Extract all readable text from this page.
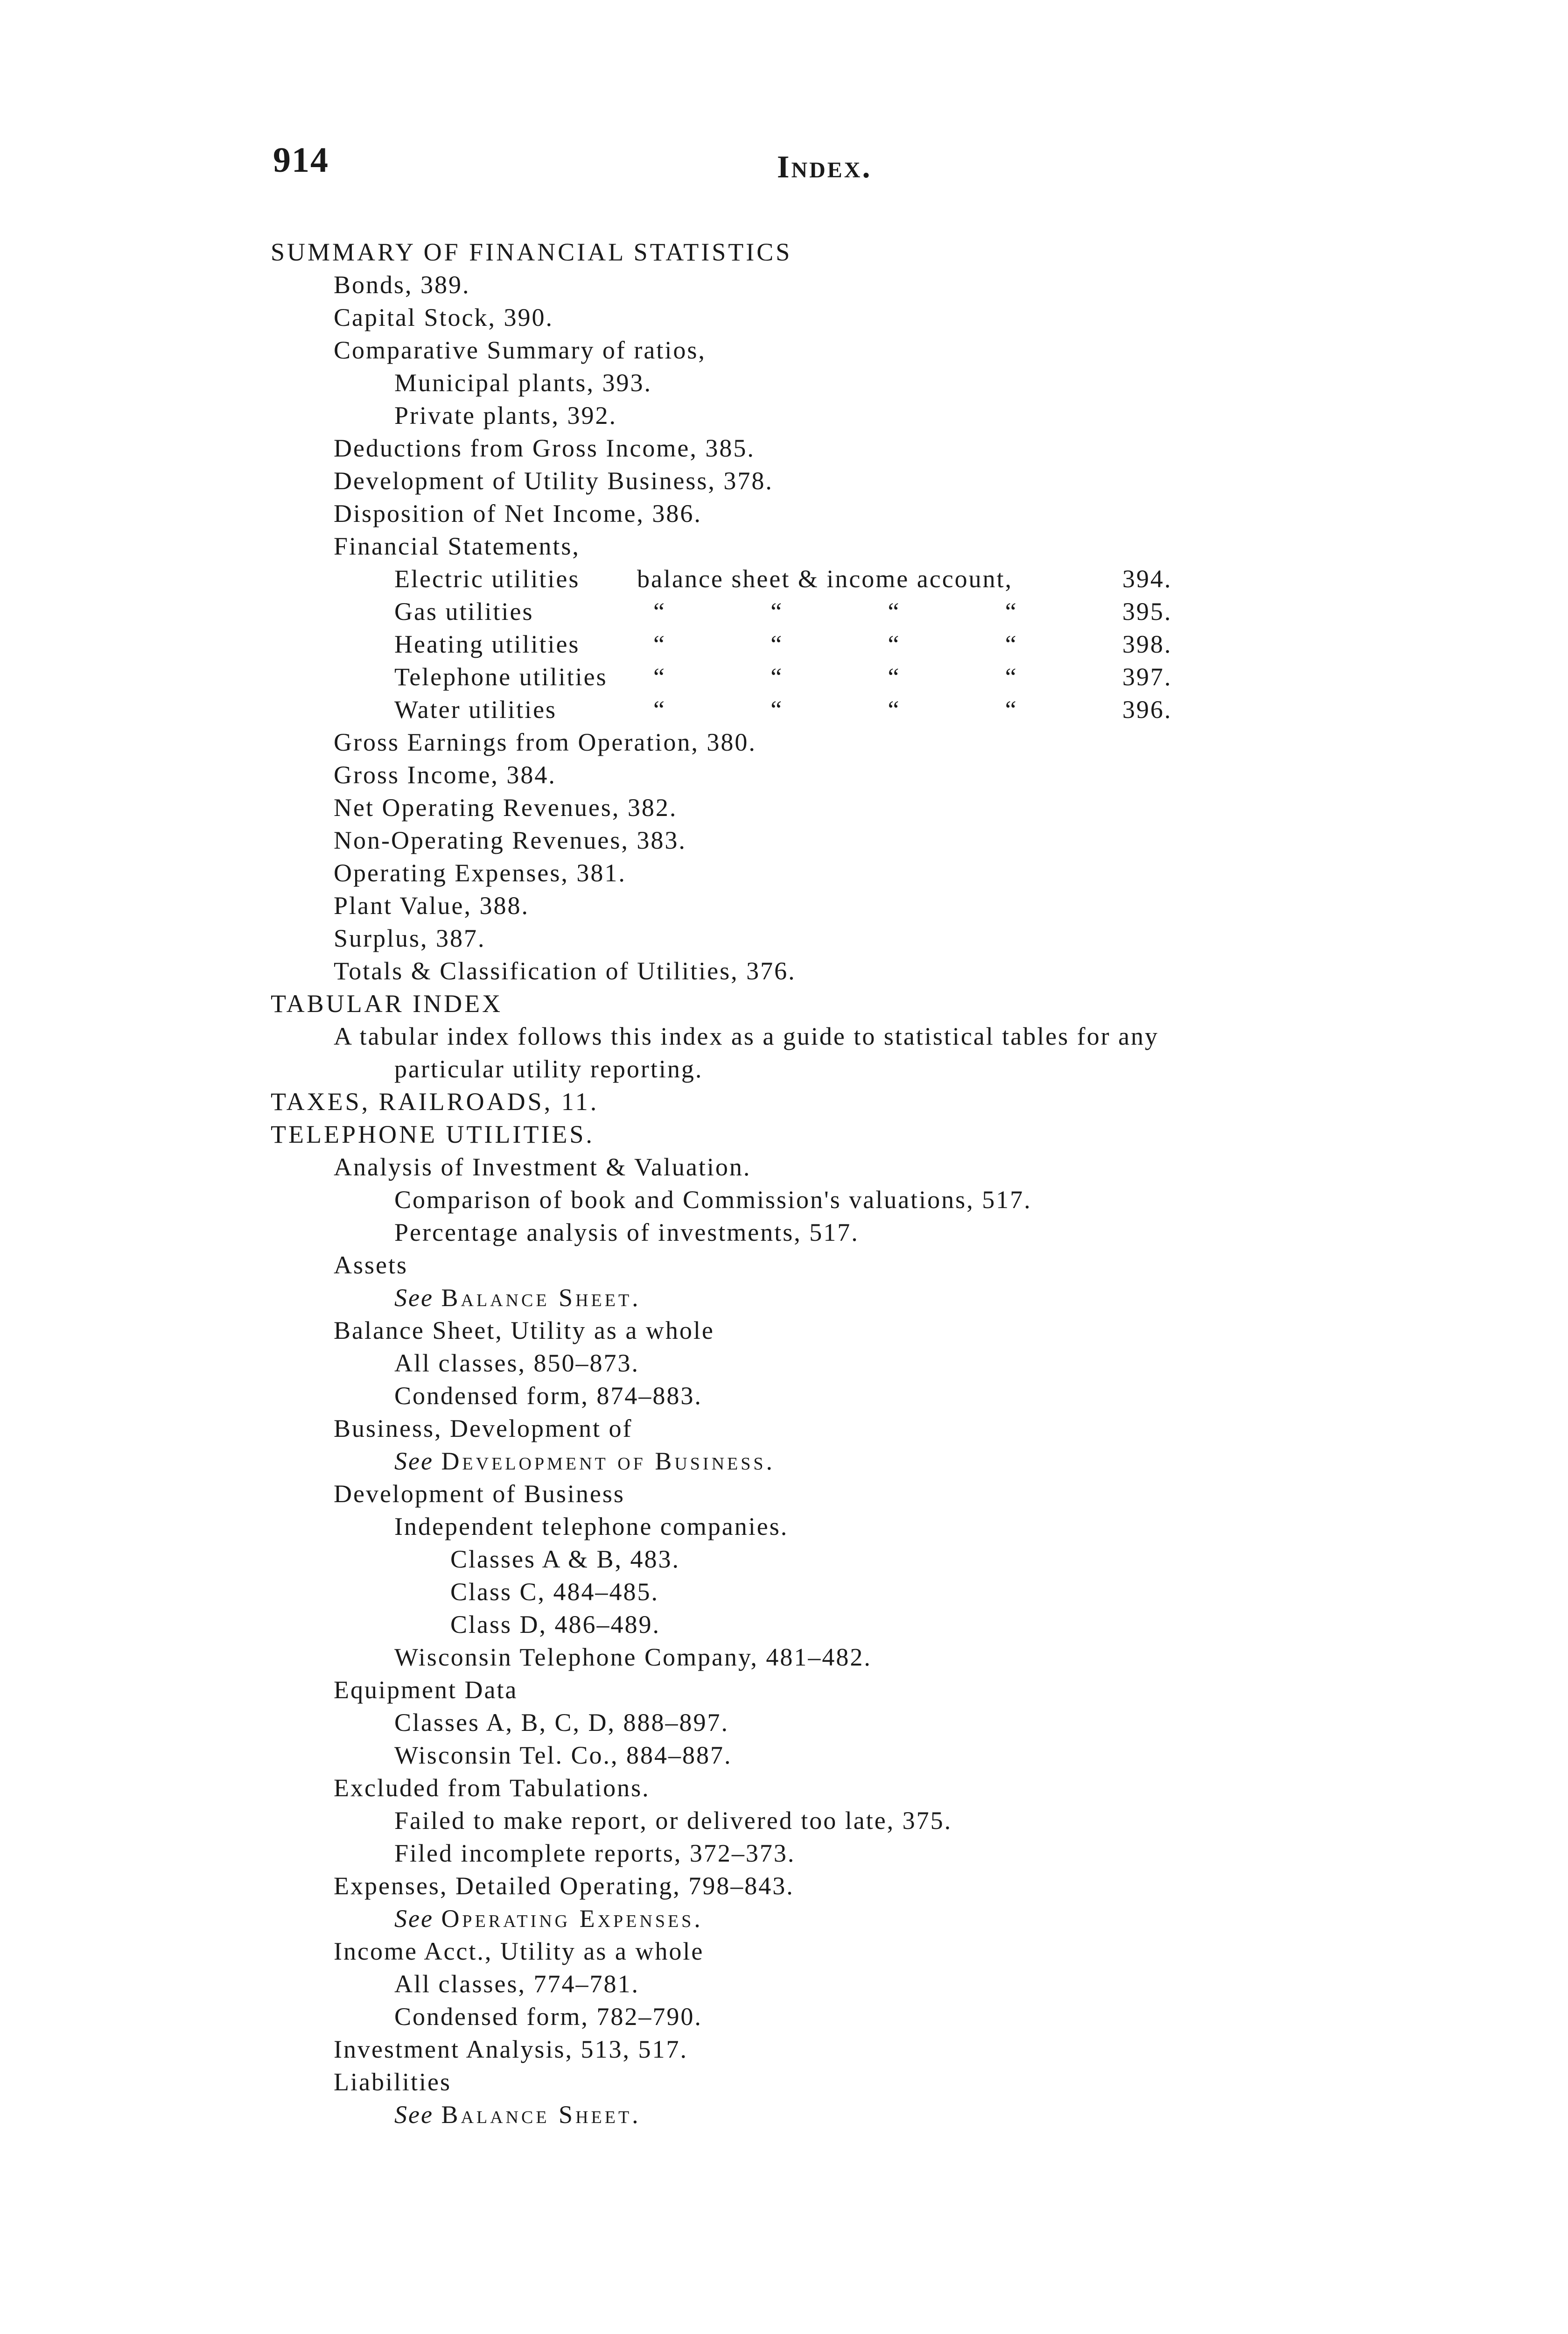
914	Index.
SUMMARY OF FINANCIAL STATISTICS
Bonds, 389.
Capital Stock, 390.
Comparative Summary of ratios,
Municipal plants, 393.
Private plants, 392.
Deductions from Gross Income, 385.
Development of Utility Business, 378.
Disposition of Net Income, 386.
Financial Statements,
Electric utilities	balance sheet & income account,	394.
Gas utilities	“	“	“	“	395.
Heating utilities	“	“	“	“	398.
Telephone utilities	“	“	“	“	397.
Water utilities	“	“	“	“	396.
Gross Earnings from Operation, 380.
Gross Income, 384.
Net Operating Revenues, 382.
Non-Operating Revenues, 383.
Operating Expenses, 381.
Plant Value, 388.
Surplus, 387.
Totals & Classification of Utilities, 376.
TABULAR INDEX
A tabular index follows this index as a guide to statistical tables for any
particular utility reporting.
TAXES, RAILROADS, 11.
TELEPHONE UTILITIES.
Analysis of Investment & Valuation.
Comparison of book and Commission's valuations, 517.
Percentage analysis of investments, 517.
Assets
See Balance Sheet.
Balance Sheet, Utility as a whole
All classes, 850–873.
Condensed form, 874–883.
Business, Development of
See Development of Business.
Development of Business
Independent telephone companies.
Classes A & B, 483.
Class C, 484–485.
Class D, 486–489.
Wisconsin Telephone Company, 481–482.
Equipment Data
Classes A, B, C, D, 888–897.
Wisconsin Tel. Co., 884–887.
Excluded from Tabulations.
Failed to make report, or delivered too late, 375.
Filed incomplete reports, 372–373.
Expenses, Detailed Operating, 798–843.
See Operating Expenses.
Income Acct., Utility as a whole
All classes, 774–781.
Condensed form, 782–790.
Investment Analysis, 513, 517.
Liabilities
See Balance Sheet.
